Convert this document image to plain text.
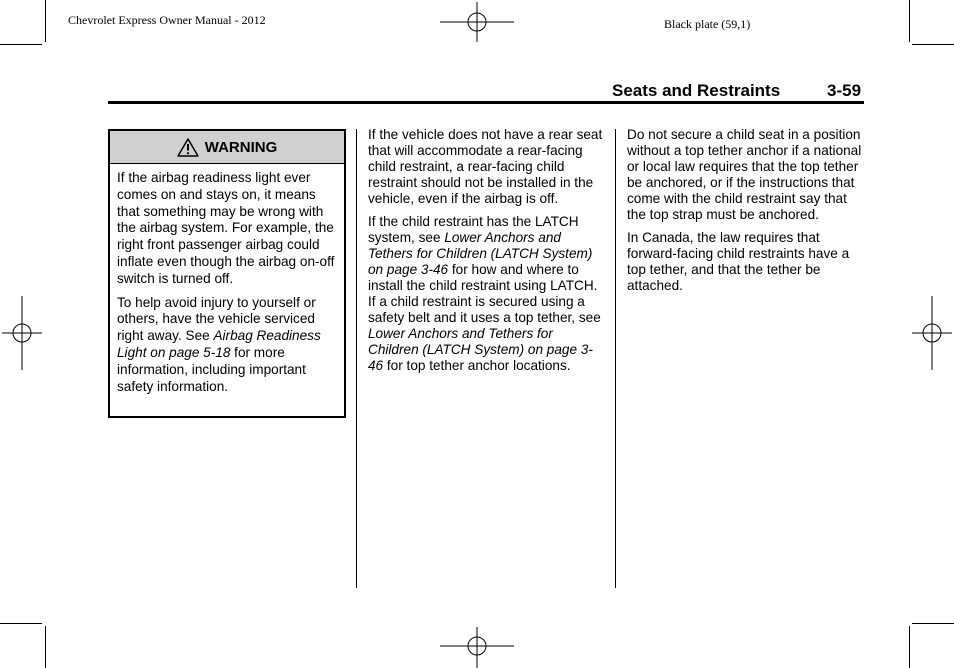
Chevrolet Express Owner Manual - 2012	Black plate (59,1)
Seats and Restraints	3-59
WARNING

If the airbag readiness light ever comes on and stays on, it means that something may be wrong with the airbag system. For example, the right front passenger airbag could inflate even though the airbag on-off switch is turned off.

To help avoid injury to yourself or others, have the vehicle serviced right away. See Airbag Readiness Light on page 5-18 for more information, including important safety information.

If the vehicle does not have a rear seat that will accommodate a rear-facing child restraint, a rear-facing child restraint should not be installed in the vehicle, even if the airbag is off.

If the child restraint has the LATCH system, see Lower Anchors and Tethers for Children (LATCH System) on page 3-46 for how and where to install the child restraint using LATCH. If a child restraint is secured using a safety belt and it uses a top tether, see Lower Anchors and Tethers for Children (LATCH System) on page 3-46 for top tether anchor locations.

Do not secure a child seat in a position without a top tether anchor if a national or local law requires that the top tether be anchored, or if the instructions that come with the child restraint say that the top strap must be anchored.

In Canada, the law requires that forward-facing child restraints have a top tether, and that the tether be attached.
